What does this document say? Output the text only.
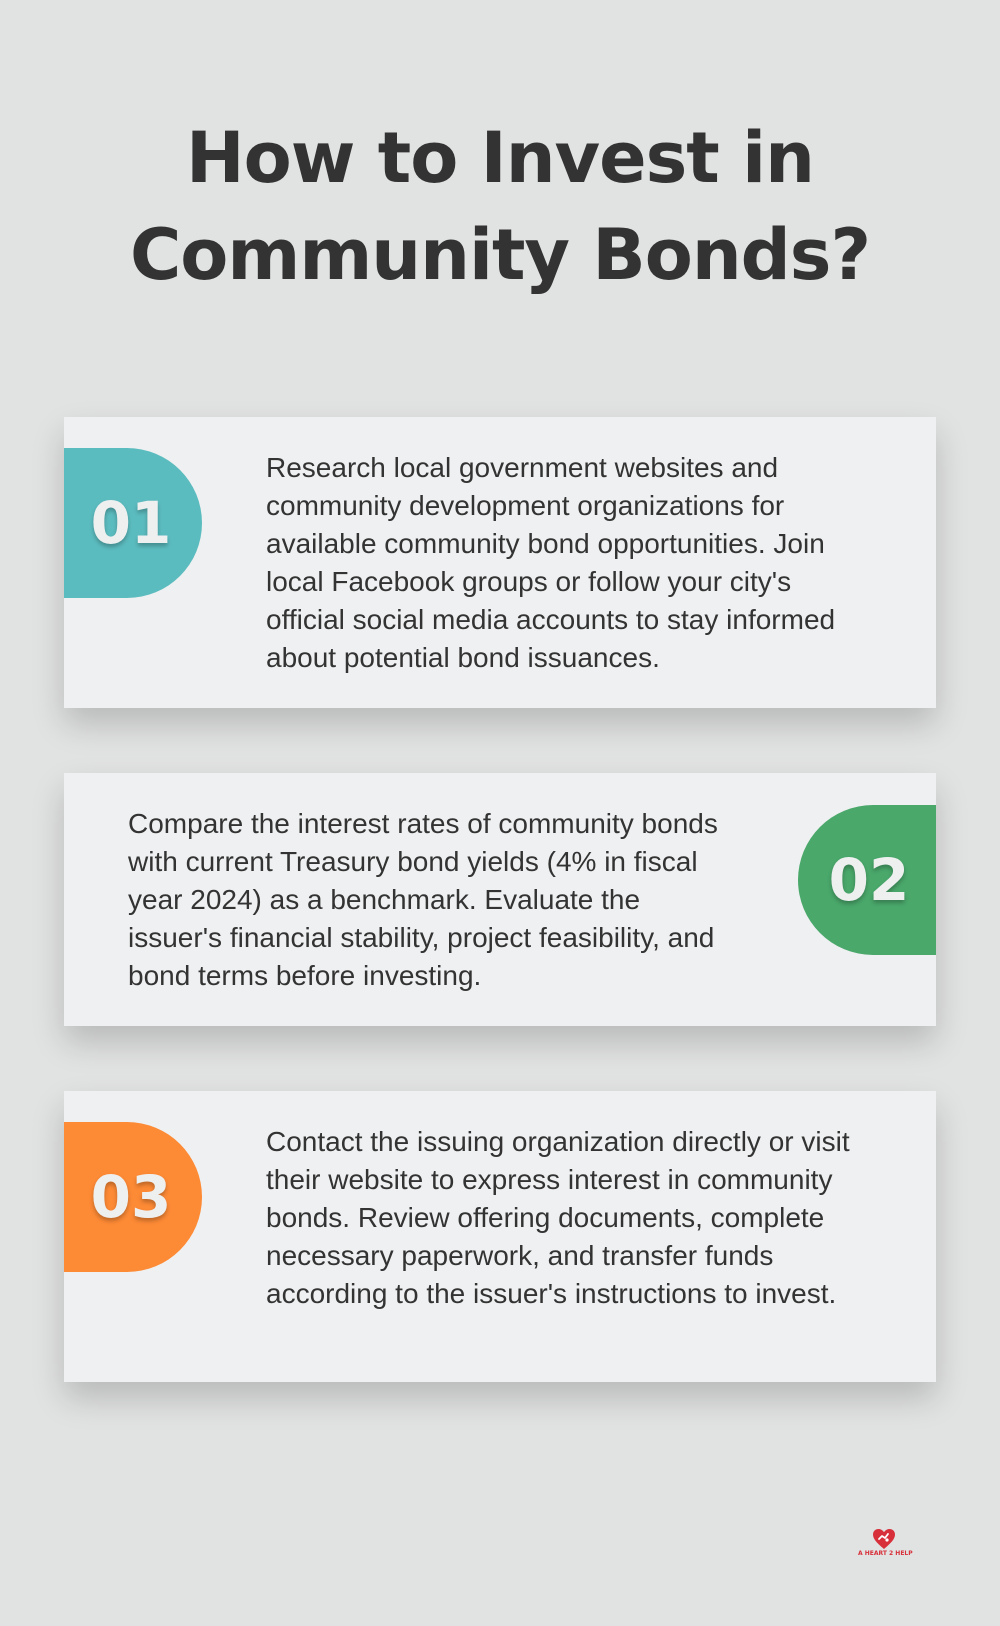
How to Invest in Community Bonds?
01

Research local government websites and community development organizations for available community bond opportunities. Join local Facebook groups or follow your city's official social media accounts to stay informed about potential bond issuances.

Compare the interest rates of community bonds with current Treasury bond yields (4% in fiscal year 2024) as a benchmark. Evaluate the issuer's financial stability, project feasibility, and bond terms before investing.

02
03

Contact the issuing organization directly or visit their website to express interest in community bonds. Review offering documents, complete necessary paperwork, and transfer funds according to the issuer's instructions to invest.

A HEART 2 HELP
